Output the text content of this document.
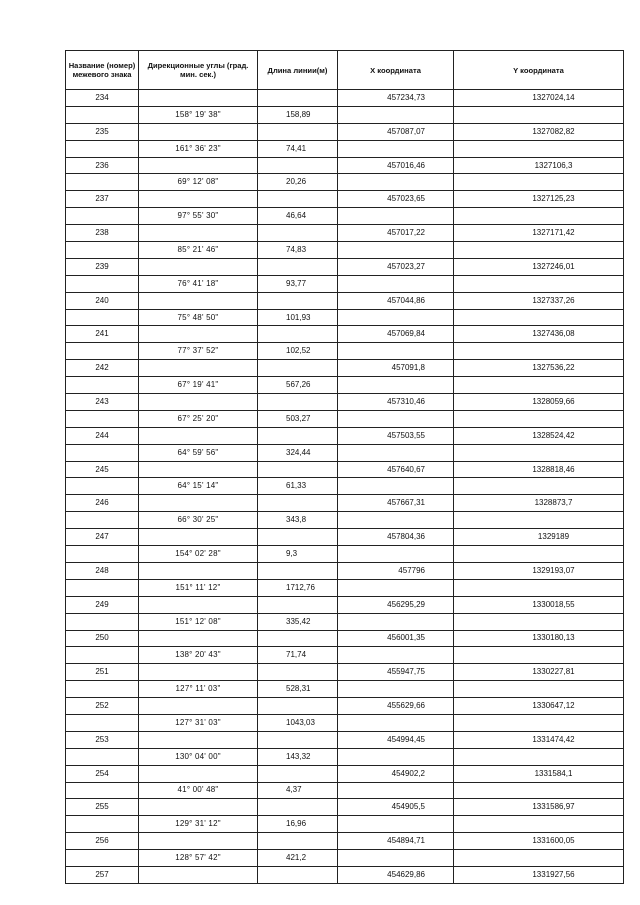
Название (номер) межевого знака	Дирекционные углы (град. мин. сек.)	Длина линии(м)	Х координата	Y координата
234			457234,73	1327024,14
	158° 19' 38"	158,89		
235			457087,07	1327082,82
	161° 36' 23"	74,41		
236			457016,46	1327106,3
	69° 12' 08"	20,26		
237			457023,65	1327125,23
	97° 55' 30"	46,64		
238			457017,22	1327171,42
	85° 21' 46"	74,83		
239			457023,27	1327246,01
	76° 41' 18"	93,77		
240			457044,86	1327337,26
	75° 48' 50"	101,93		
241			457069,84	1327436,08
	77° 37' 52"	102,52		
242			457091,8	1327536,22
	67° 19' 41"	567,26		
243			457310,46	1328059,66
	67° 25' 20"	503,27		
244			457503,55	1328524,42
	64° 59' 56"	324,44		
245			457640,67	1328818,46
	64° 15' 14"	61,33		
246			457667,31	1328873,7
	66° 30' 25"	343,8		
247			457804,36	1329189
	154° 02' 28"	9,3		
248			457796	1329193,07
	151° 11' 12"	1712,76		
249			456295,29	1330018,55
	151° 12' 08"	335,42		
250			456001,35	1330180,13
	138° 20' 43"	71,74		
251			455947,75	1330227,81
	127° 11' 03"	528,31		
252			455629,66	1330647,12
	127° 31' 03"	1043,03		
253			454994,45	1331474,42
	130° 04' 00"	143,32		
254			454902,2	1331584,1
	41° 00' 48"	4,37		
255			454905,5	1331586,97
	129° 31' 12"	16,96		
256			454894,71	1331600,05
	128° 57' 42"	421,2		
257			454629,86	1331927,56
